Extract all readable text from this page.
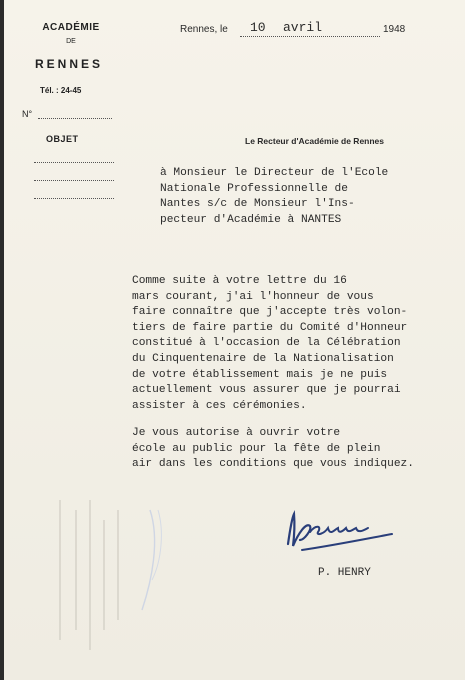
ACADÉMIE
DE
RENNES
Tél. : 24-45
N°
OBJET
Rennes, le 10 avril	1948
Le Recteur d'Académie de Rennes
à Monsieur le Directeur de l'Ecole
Nationale Professionnelle de
Nantes s/c de Monsieur l'Ins-
pecteur d'Académie à NANTES
Comme suite à votre lettre du 16
mars courant, j'ai l'honneur de vous
faire connaître que j'accepte très volon-
tiers de faire partie du Comité d'Honneur
constitué à l'occasion de la Célébration
du Cinquentenaire de la Nationalisation
de votre établissement mais je ne puis
actuellement vous assurer que je pourrai
assister à ces cérémonies.
Je vous autorise à ouvrir votre
école au public pour la fête de plein
air dans les conditions que vous indiquez.
P. HENRY
